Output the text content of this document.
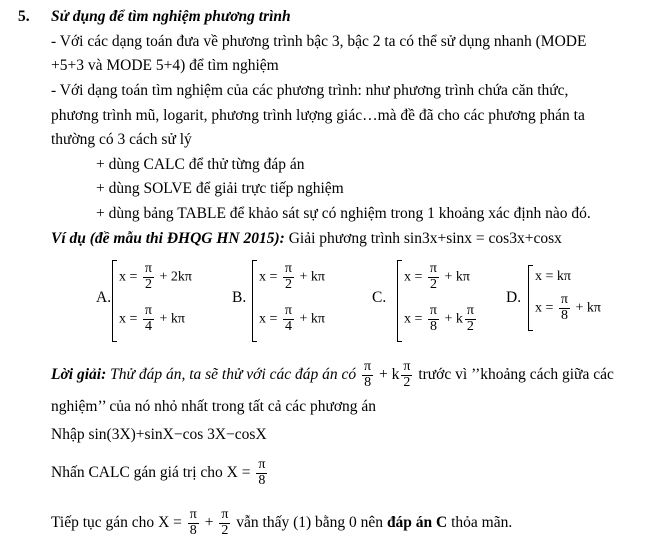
5. Sử dụng để tìm nghiệm phương trình
- Với các dạng toán đưa về phương trình bậc 3, bậc 2 ta có thể sử dụng nhanh (MODE
+5+3 và MODE 5+4) để tìm nghiệm
- Với dạng toán tìm nghiệm của các phương trình: như phương trình chứa căn thức,
phương trình mũ, logarit, phương trình lượng giác…mà đề đã cho các phương phán ta
thường có 3 cách sử lý
+ dùng CALC để thử từng đáp án
+ dùng SOLVE để giải trực tiếp nghiệm
+ dùng bảng TABLE để khảo sát sự có nghiệm trong 1 khoảng xác định nào đó.
Ví dụ (đề mẫu thi ĐHQG HN 2015): Giải phương trình sin3x+sinx = cos3x+cosx
A.
$x = \frac{\pi}{2} + 2k\pi$
$x = \frac{\pi}{4} + k\pi$
B.
$x = \frac{\pi}{2} + k\pi$
$x = \frac{\pi}{4} + k\pi$
C.
$x = \frac{\pi}{2} + k\pi$
$x = \frac{\pi}{8} + k \frac{\pi}{2}$
D.
x = kπ
$x = \frac{\pi}{8} + k\pi$
Lời giải: Thử đáp án, ta sẽ thử với các đáp án có $\frac{\pi}{8} + k \frac{\pi}{2}$ trước vì ’’khoảng cách giữa các
nghiệm’’ của nó nhỏ nhất trong tất cả các phương án
Nhập sin(3X)+sinX−cos 3X−cosX
Nhấn CALC gán giá trị cho $X = \frac{\pi}{8}$
Tiếp tục gán cho $X = \frac{\pi}{8} + \frac{\pi}{2}$ vẫn thấy (1) bằng 0 nên đáp án C thỏa mãn.
